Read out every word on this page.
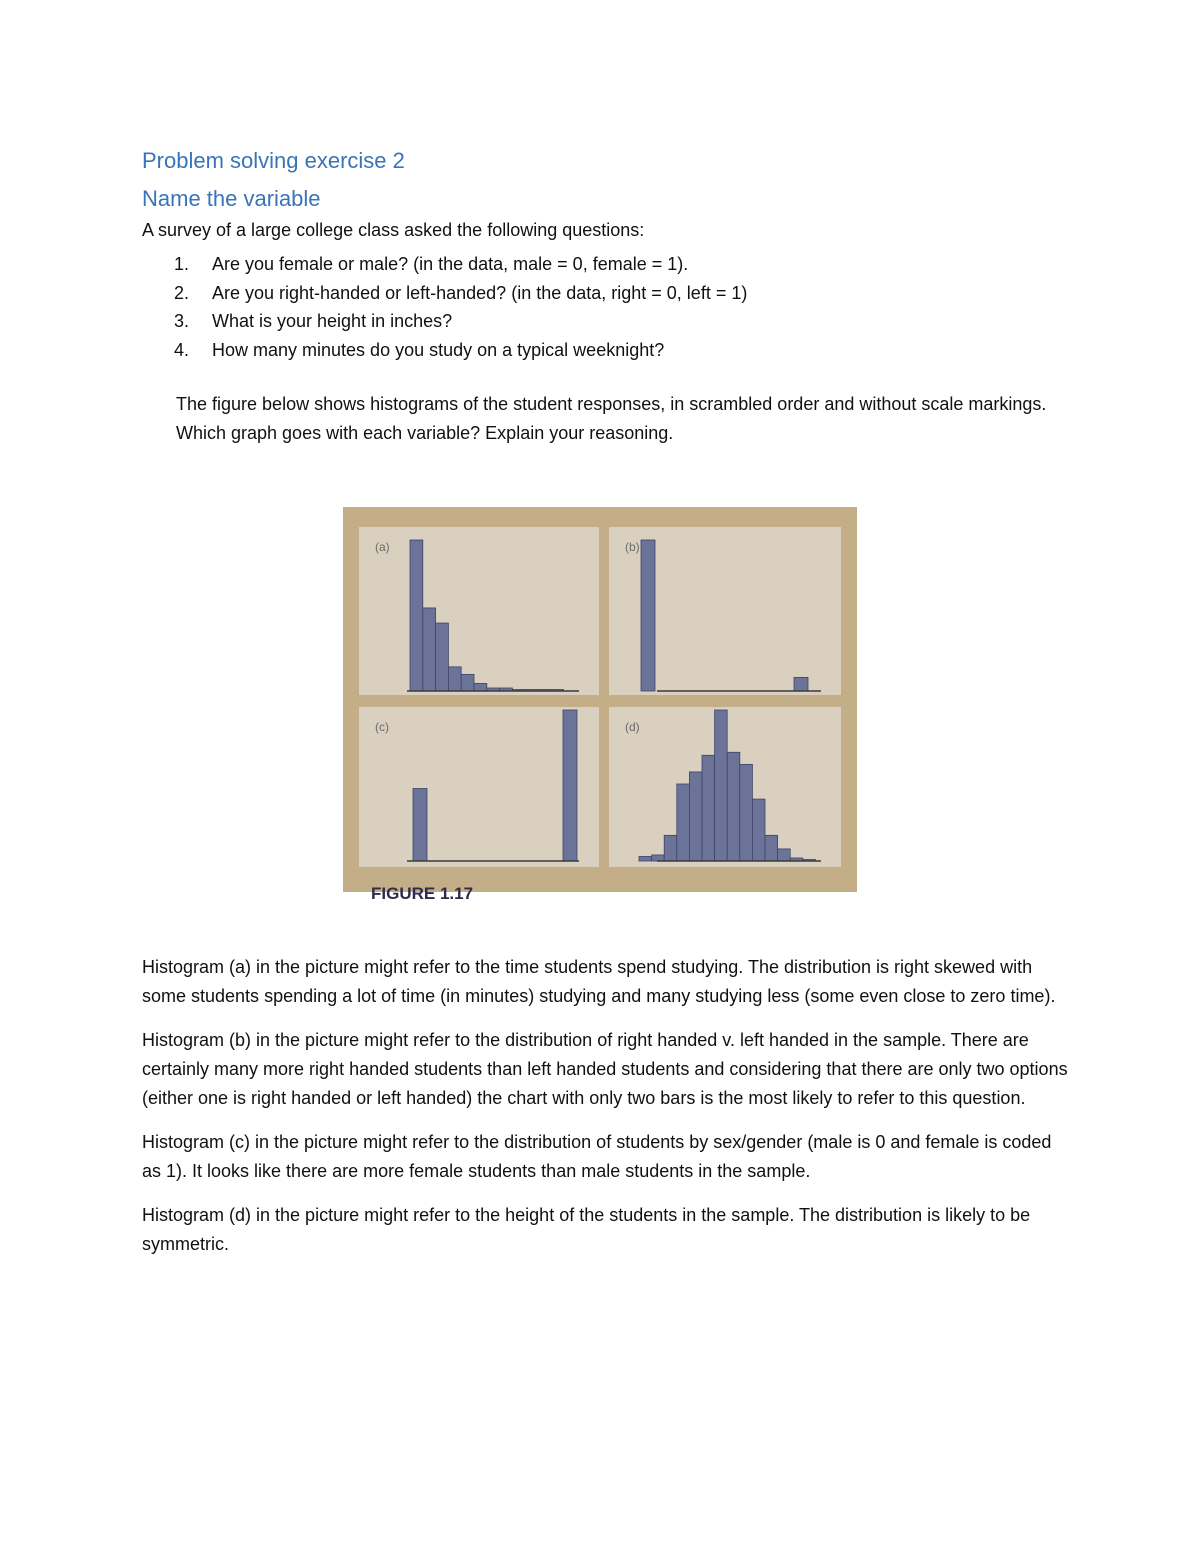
Problem solving exercise 2
Name the variable

A survey of a large college class asked the following questions:

1. Are you female or male? (in the data, male = 0, female = 1).
2. Are you right-handed or left-handed? (in the data, right = 0, left = 1)
3. What is your height in inches?
4. How many minutes do you study on a typical weeknight?

The figure below shows histograms of the student responses, in scrambled order and without scale markings. Which graph goes with each variable? Explain your reasoning.

(a)	(b)
(c)	(d)
FIGURE 1.17

Histogram (a) in the picture might refer to the time students spend studying. The distribution is right skewed with some students spending a lot of time (in minutes) studying and many studying less (some even close to zero time).

Histogram (b) in the picture might refer to the distribution of right handed v. left handed in the sample. There are certainly many more right handed students than left handed students and considering that there are only two options (either one is right handed or left handed) the chart with only two bars is the most likely to refer to this question.

Histogram (c) in the picture might refer to the distribution of students by sex/gender (male is 0 and female is coded as 1). It looks like there are more female students than male students in the sample.

Histogram (d) in the picture might refer to the height of the students in the sample. The distribution is likely to be symmetric.
